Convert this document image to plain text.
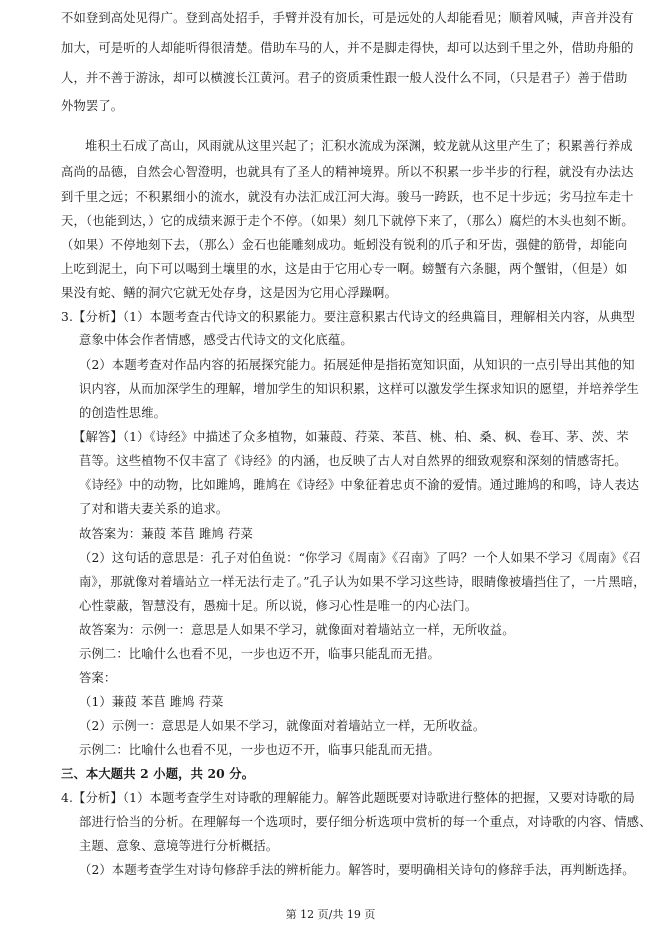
不如登到高处见得广。登到高处招手，手臂并没有加长，可是远处的人却能看见；顺着风喊，声音并没有
加大，可是听的人却能听得很清楚。借助车马的人，并不是脚走得快，却可以达到千里之外，借助舟船的
人，并不善于游泳，却可以横渡长江黄河。君子的资质秉性跟一般人没什么不同，（只是君子）善于借助
外物罢了。
堆积土石成了高山，风雨就从这里兴起了；汇积水流成为深渊，蛟龙就从这里产生了；积累善行养成
高尚的品德，自然会心智澄明，也就具有了圣人的精神境界。所以不积累一步半步的行程，就没有办法达
到千里之远；不积累细小的流水，就没有办法汇成江河大海。骏马一跨跃，也不足十步远；劣马拉车走十
天，（也能到达，）它的成绩来源于走个不停。（如果）刻几下就停下来了，（那么）腐烂的木头也刻不断。
（如果）不停地刻下去，（那么）金石也能雕刻成功。蚯蚓没有锐利的爪子和牙齿，强健的筋骨，却能向
上吃到泥土，向下可以喝到土壤里的水，这是由于它用心专一啊。螃蟹有六条腿，两个蟹钳，（但是）如
果没有蛇、鳝的洞穴它就无处存身，这是因为它用心浮躁啊。
3.【分析】（1）本题考查古代诗文的积累能力。要注意积累古代诗文的经典篇目，理解相关内容，从典型
意象中体会作者情感，感受古代诗文的文化底蕴。
（2）本题考查对作品内容的拓展探究能力。拓展延伸是指拓宽知识面，从知识的一点引导出其他的知
识内容，从而加深学生的理解，增加学生的知识积累，这样可以激发学生探求知识的愿望，并培养学生
的创造性思维。
【解答】（1）《诗经》中描述了众多植物，如蒹葭、荇菜、苯苢、桃、柏、桑、枫、卷耳、茅、茨、芣
苢等。这些植物不仅丰富了《诗经》的内涵，也反映了古人对自然界的细致观察和深刻的情感寄托。
《诗经》中的动物，比如雎鸠，雎鸠在《诗经》中象征着忠贞不渝的爱情。通过雎鸠的和鸣，诗人表达
了对和谐夫妻关系的追求。
故答案为：蒹葭 苯苢 雎鸠 荇菜
（2）这句话的意思是：孔子对伯鱼说：“你学习《周南》《召南》了吗？一个人如果不学习《周南》《召
南》，那就像对着墙站立一样无法行走了。”孔子认为如果不学习这些诗，眼睛像被墙挡住了，一片黑暗，
心性蒙蔽，智慧没有，愚痴十足。所以说，修习心性是唯一的内心法门。
故答案为：示例一：意思是人如果不学习，就像面对着墙站立一样，无所收益。
示例二：比喻什么也看不见，一步也迈不开，临事只能乱而无措。
答案：
（1）蒹葭 苯苢 雎鸠 荇菜
（2）示例一：意思是人如果不学习，就像面对着墙站立一样，无所收益。
示例二：比喻什么也看不见，一步也迈不开，临事只能乱而无措。
三、本大题共 2 小题，共 20 分。
4.【分析】（1）本题考查学生对诗歌的理解能力。解答此题既要对诗歌进行整体的把握，又要对诗歌的局
部进行恰当的分析。在理解每一个选项时，要仔细分析选项中赏析的每一个重点，对诗歌的内容、情感、
主题、意象、意境等进行分析概括。
（2）本题考查学生对诗句修辞手法的辨析能力。解答时，要明确相关诗句的修辞手法，再判断选择。
第 12 页/共 19 页
